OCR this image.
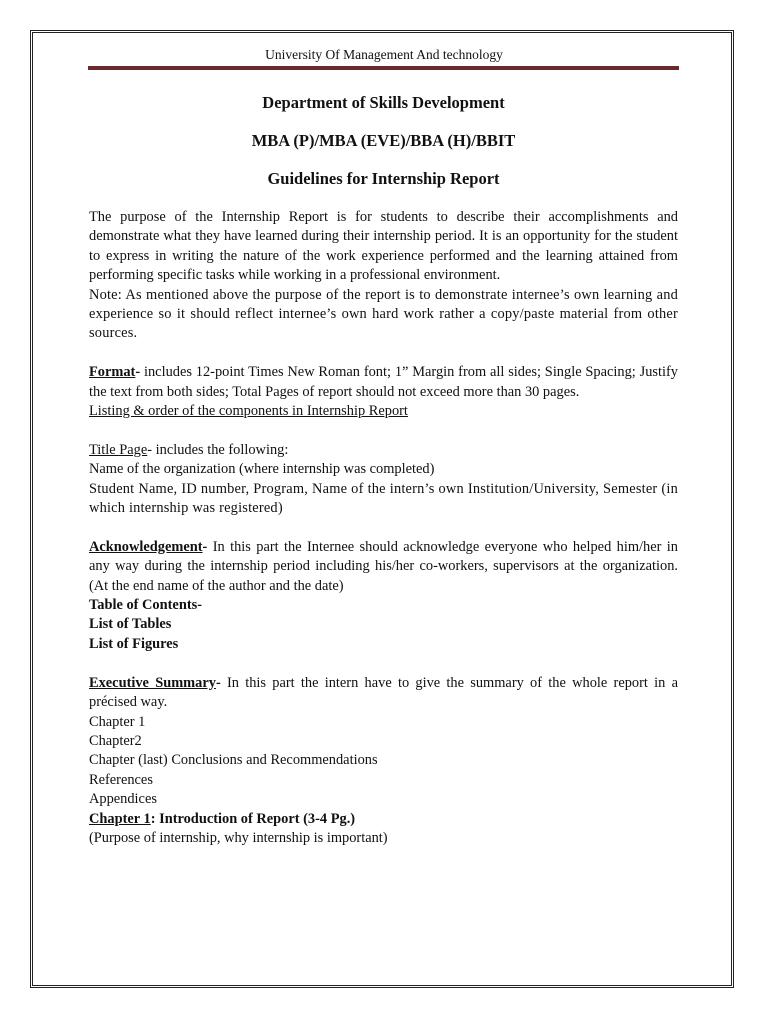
University Of Management And technology
Department of Skills Development
MBA (P)/MBA (EVE)/BBA (H)/BBIT
Guidelines for Internship Report

The purpose of the Internship Report is for students to describe their accomplishments and demonstrate what they have learned during their internship period. It is an opportunity for the student to express in writing the nature of the work experience performed and the learning attained from performing specific tasks while working in a professional environment.

Note: As mentioned above the purpose of the report is to demonstrate internee’s own learning and experience so it should reflect internee’s own hard work rather a copy/paste material from other sources.

Format- includes 12-point Times New Roman font; 1” Margin from all sides; Single Spacing; Justify the text from both sides; Total Pages of report should not exceed more than 30 pages.

Listing & order of the components in Internship Report

Title Page- includes the following:

Name of the organization (where internship was completed)

Student Name, ID number, Program, Name of the intern’s own Institution/University, Semester (in which internship was registered)

Acknowledgement- In this part the Internee should acknowledge everyone who helped him/her in any way during the internship period including his/her co-workers, supervisors at the organization. (At the end name of the author and the date)

Table of Contents-

List of Tables

List of Figures

Executive Summary- In this part the intern have to give the summary of the whole report in a précised way.

Chapter 1

Chapter2

Chapter (last) Conclusions and Recommendations

References

Appendices

Chapter 1: Introduction of Report (3-4 Pg.)

(Purpose of internship, why internship is important)
